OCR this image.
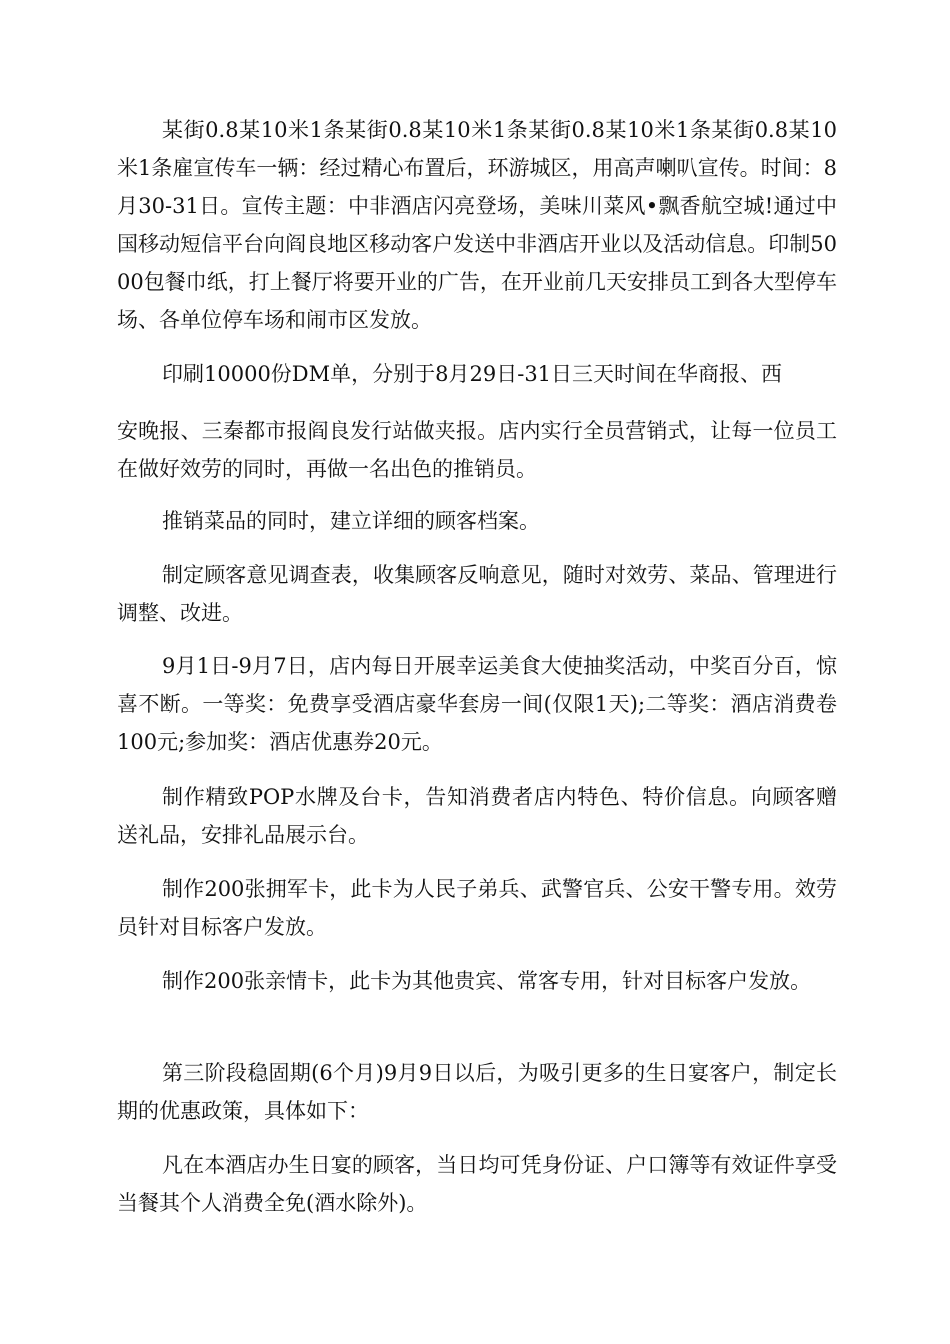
某街0.8某10米1条某街0.8某10米1条某街0.8某10米1条某街0.8某10米1条雇宣传车一辆：经过精心布置后，环游城区，用高声喇叭宣传。时间：8月30-31日。宣传主题：中非酒店闪亮登场，美味川菜风•飘香航空城!通过中国移动短信平台向阎良地区移动客户发送中非酒店开业以及活动信息。印制5000包餐巾纸，打上餐厅将要开业的广告，在开业前几天安排员工到各大型停车场、各单位停车场和闹市区发放。

印刷10000份DM单，分别于8月29日-31日三天时间在华商报、西

安晚报、三秦都市报阎良发行站做夹报。店内实行全员营销式，让每一位员工在做好效劳的同时，再做一名出色的推销员。

推销菜品的同时，建立详细的顾客档案。

制定顾客意见调查表，收集顾客反响意见，随时对效劳、菜品、管理进行调整、改进。

9月1日-9月7日，店内每日开展幸运美食大使抽奖活动，中奖百分百，惊喜不断。一等奖：免费享受酒店豪华套房一间(仅限1天);二等奖：酒店消费卷100元;参加奖：酒店优惠券20元。

制作精致POP水牌及台卡，告知消费者店内特色、特价信息。向顾客赠送礼品，安排礼品展示台。

制作200张拥军卡，此卡为人民子弟兵、武警官兵、公安干警专用。效劳员针对目标客户发放。

制作200张亲情卡，此卡为其他贵宾、常客专用，针对目标客户发放。

第三阶段稳固期(6个月)9月9日以后，为吸引更多的生日宴客户，制定长期的优惠政策，具体如下：

凡在本酒店办生日宴的顾客，当日均可凭身份证、户口簿等有效证件享受当餐其个人消费全免(酒水除外)。
